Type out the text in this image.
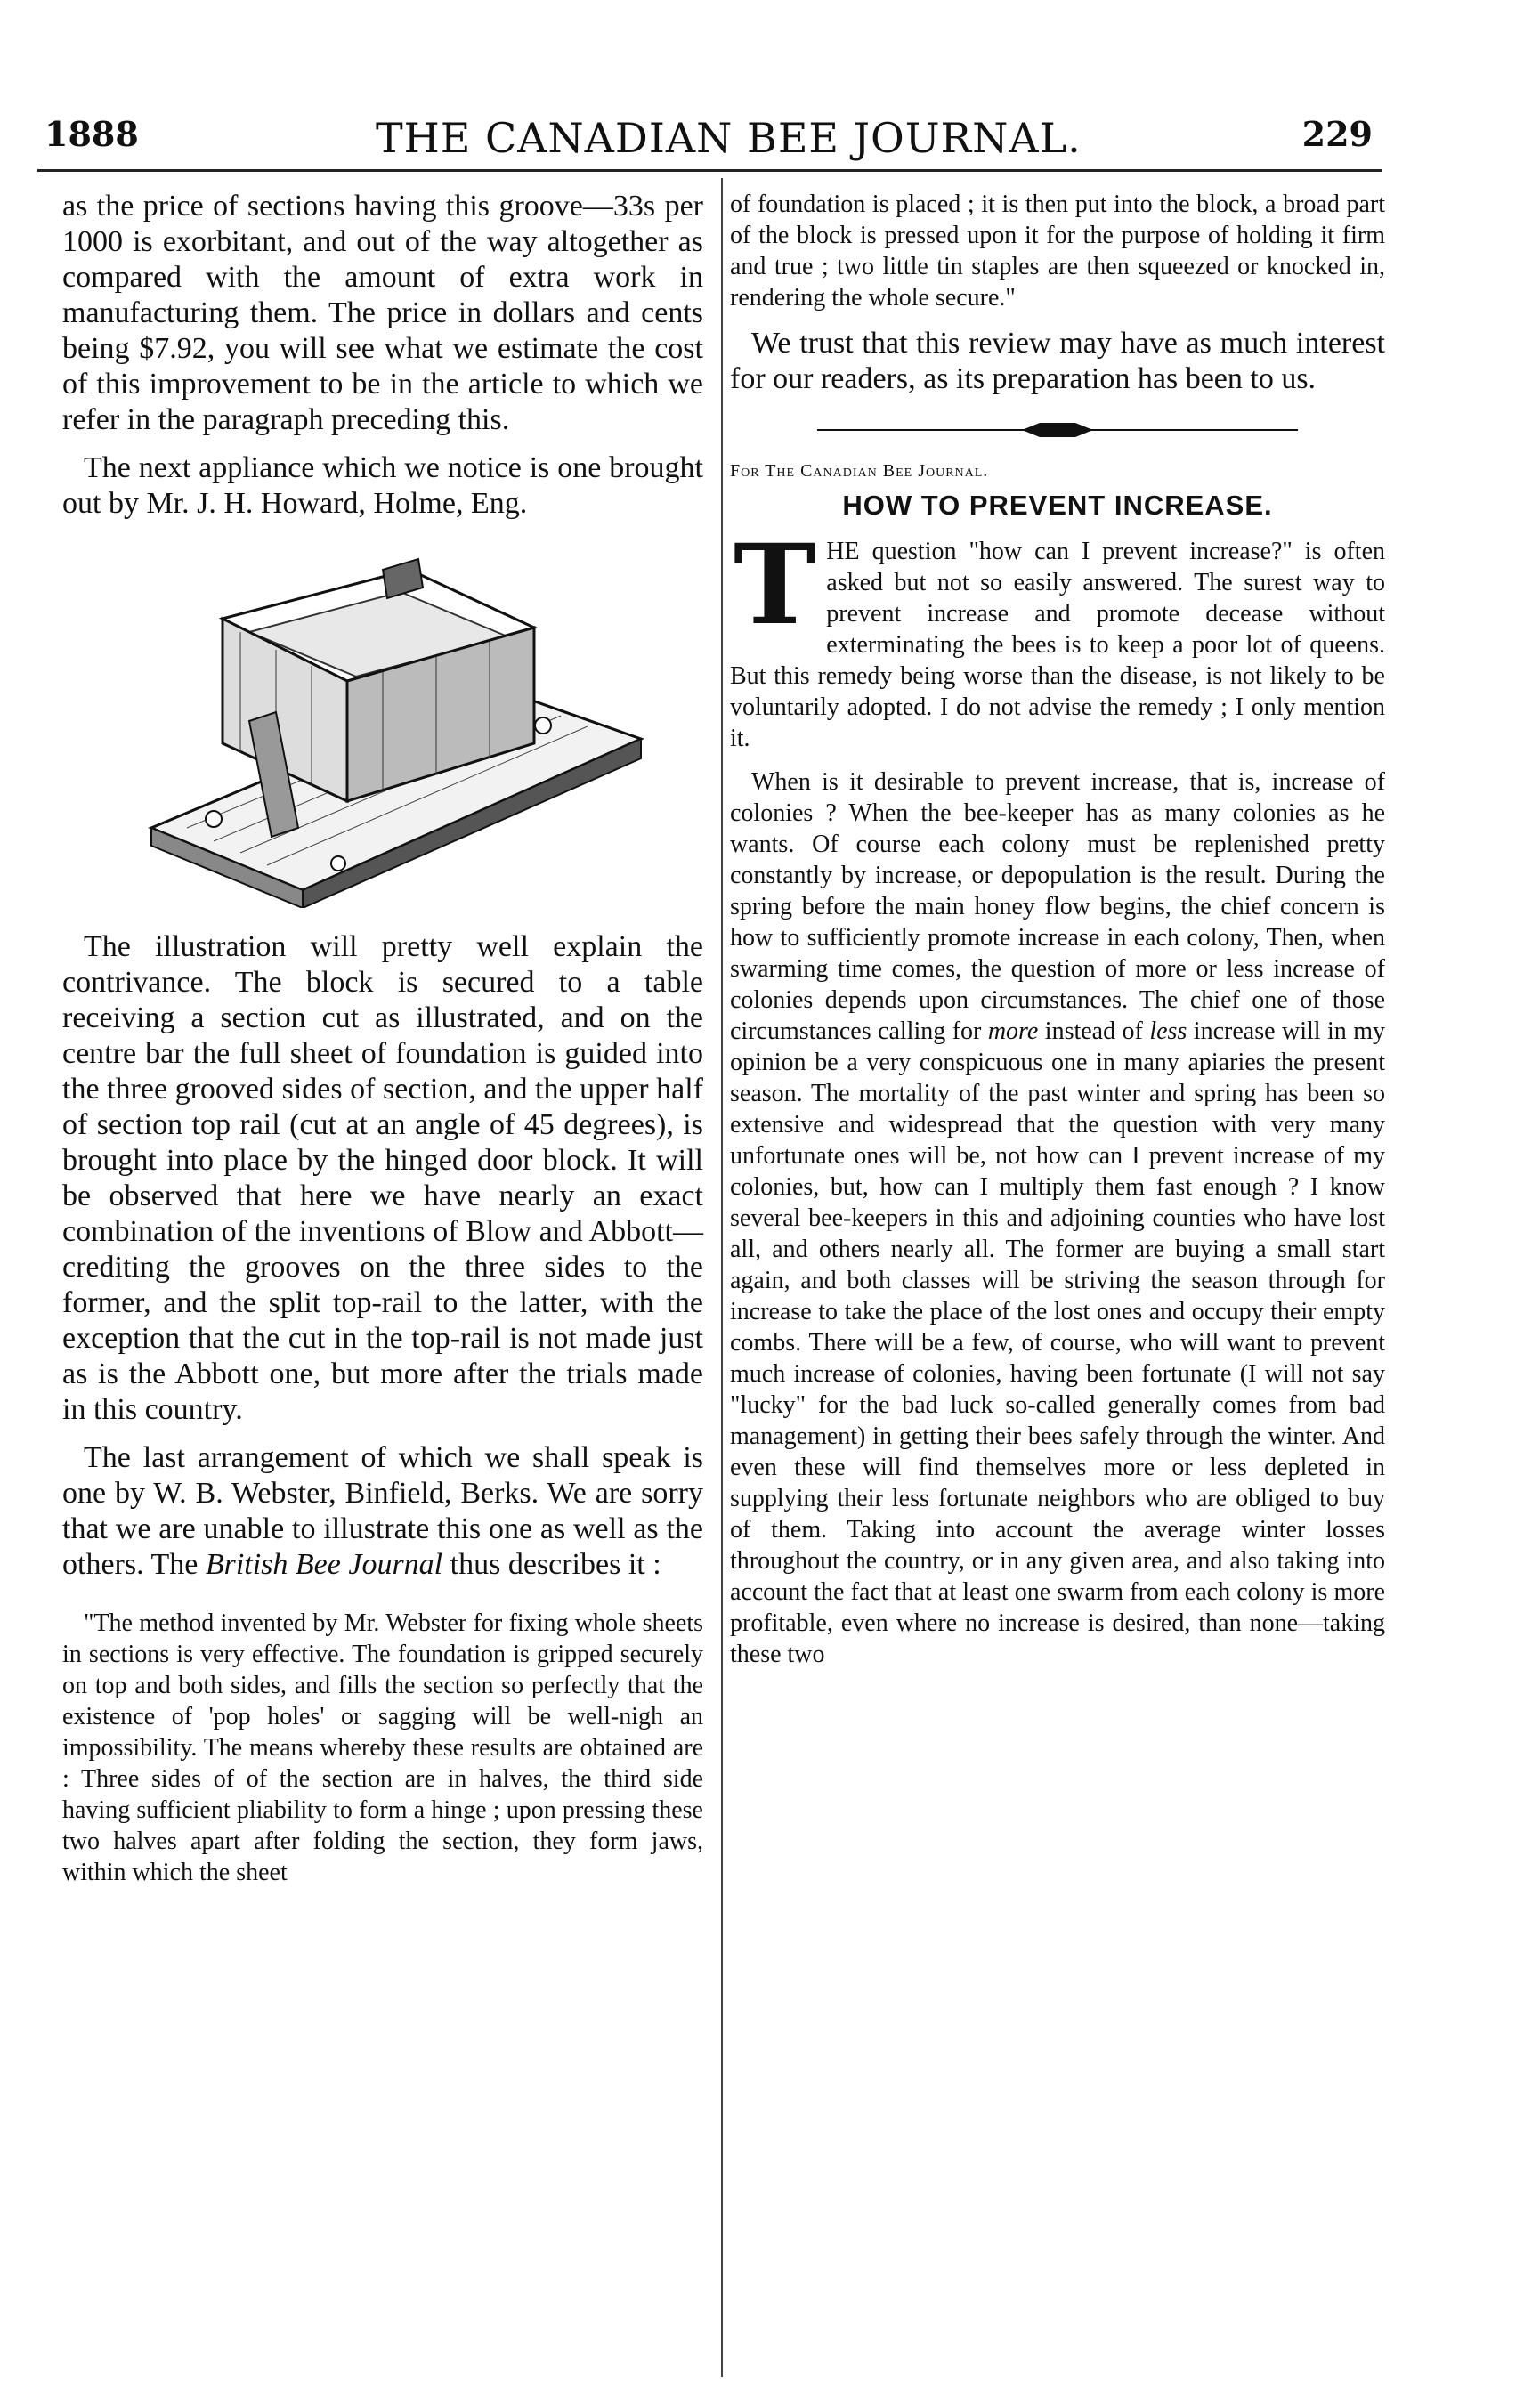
1888	THE CANADIAN BEE JOURNAL.	229

as the price of sections having this groove—33s per 1000 is exorbitant, and out of the way altogether as compared with the amount of extra work in manufacturing them. The price in dollars and cents being $7.92, you will see what we estimate the cost of this improvement to be in the article to which we refer in the paragraph preceding this.

The next appliance which we notice is one brought out by Mr. J. H. Howard, Holme, Eng.

The illustration will pretty well explain the contrivance. The block is secured to a table receiving a section cut as illustrated, and on the centre bar the full sheet of foundation is guided into the three grooved sides of section, and the upper half of section top rail (cut at an angle of 45 degrees), is brought into place by the hinged door block. It will be observed that here we have nearly an exact combination of the inventions of Blow and Abbott—crediting the grooves on the three sides to the former, and the split top-rail to the latter, with the exception that the cut in the top-rail is not made just as is the Abbott one, but more after the trials made in this country.

The last arrangement of which we shall speak is one by W. B. Webster, Binfield, Berks. We are sorry that we are unable to illustrate this one as well as the others. The British Bee Journal thus describes it :

"The method invented by Mr. Webster for fixing whole sheets in sections is very effective. The foundation is gripped securely on top and both sides, and fills the section so perfectly that the existence of 'pop holes' or sagging will be well-nigh an impossibility. The means whereby these results are obtained are : Three sides of of the section are in halves, the third side having sufficient pliability to form a hinge ; upon pressing these two halves apart after folding the section, they form jaws, within which the sheet

of foundation is placed ; it is then put into the block, a broad part of the block is pressed upon it for the purpose of holding it firm and true ; two little tin staples are then squeezed or knocked in, rendering the whole secure."

We trust that this review may have as much interest for our readers, as its preparation has been to us.

For The Canadian Bee Journal.

HOW TO PREVENT INCREASE.

T HE question "how can I prevent increase?" is often asked but not so easily answered. The surest way to prevent increase and promote decease without exterminating the bees is to keep a poor lot of queens. But this remedy being worse than the disease, is not likely to be voluntarily adopted. I do not advise the remedy ; I only mention it.

When is it desirable to prevent increase, that is, increase of colonies ? When the bee-keeper has as many colonies as he wants. Of course each colony must be replenished pretty constantly by increase, or depopulation is the result. During the spring before the main honey flow begins, the chief concern is how to sufficiently promote increase in each colony, Then, when swarming time comes, the question of more or less increase of colonies depends upon circumstances. The chief one of those circumstances calling for more instead of less increase will in my opinion be a very conspicuous one in many apiaries the present season. The mortality of the past winter and spring has been so extensive and widespread that the question with very many unfortunate ones will be, not how can I prevent increase of my colonies, but, how can I multiply them fast enough ? I know several bee-keepers in this and adjoining counties who have lost all, and others nearly all. The former are buying a small start again, and both classes will be striving the season through for increase to take the place of the lost ones and occupy their empty combs. There will be a few, of course, who will want to prevent much increase of colonies, having been fortunate (I will not say "lucky" for the bad luck so-called generally comes from bad management) in getting their bees safely through the winter. And even these will find themselves more or less depleted in supplying their less fortunate neighbors who are obliged to buy of them. Taking into account the average winter losses throughout the country, or in any given area, and also taking into account the fact that at least one swarm from each colony is more profitable, even where no increase is desired, than none—taking these two
